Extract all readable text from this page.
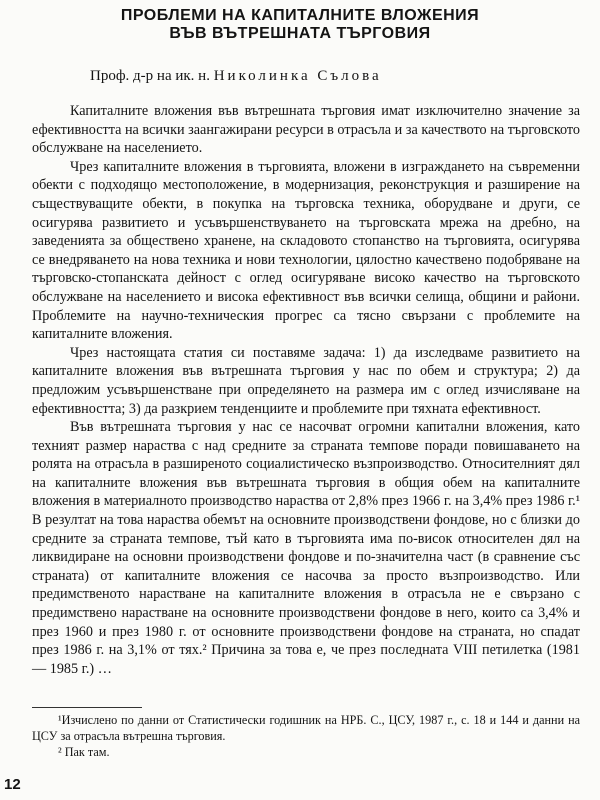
ПРОБЛЕМИ НА КАПИТАЛНИТЕ ВЛОЖЕНИЯ
ВЪВ ВЪТРЕШНАТА ТЪРГОВИЯ

Проф. д-р на ик. н. Николинка Сълова

Капиталните вложения във вътрешната търговия имат изключително значение за ефективността на всички заангажирани ресурси в отрасъла и за качеството на търговското обслужване на населението.

Чрез капиталните вложения в търговията, вложени в изграждането на съвременни обекти с подходящо местоположение, в модернизация, реконструкция и разширение на съществуващите обекти, в покупка на търговска техника, оборудване и други, се осигурява развитието и усъвършенствуването на търговската мрежа на дребно, на заведенията за обществено хранене, на складовото стопанство на търговията, осигурява се внедряването на нова техника и нови технологии, цялостно качествено подобряване на търговско-стопанската дейност с оглед осигуряване високо качество на търговското обслужване на населението и висока ефективност във всички селища, общини и райони. Проблемите на научно-техническия прогрес са тясно свързани с проблемите на капиталните вложения.

Чрез настоящата статия си поставяме задача: 1) да изследваме развитието на капиталните вложения във вътрешната търговия у нас по обем и структура; 2) да предложим усъвършенстване при определянето на размера им с оглед изчисляване на ефективността; 3) да разкрием тенденциите и проблемите при тяхната ефективност.

Във вътрешната търговия у нас се насочват огромни капитални вложения, като техният размер нараства с над средните за страната темпове поради повишаването на ролята на отрасъла в разширеното социалистическо възпроизводство. Относителният дял на капиталните вложения във вътрешната търговия в общия обем на капиталните вложения в материалното производство нараства от 2,8% през 1966 г. на 3,4% през 1986 г.¹ В резултат на това нараства обемът на основните производствени фондове, но с близки до средните за страната темпове, тъй като в търговията има по-висок относителен дял на ликвидиране на основни производствени фондове и по-значителна част (в сравнение със страната) от капиталните вложения се насочва за просто възпроизводство. Или предимственото нарастване на капиталните вложения в отрасъла не е свързано с предимствено нарастване на основните производствени фондове в него, които са 3,4% и през 1960 и през 1980 г. от основните производствени фондове на страната, но спадат през 1986 г. на 3,1% от тях.² Причина за това е, че през последната VIII петилетка (1981 — 1985 г.) …

¹Изчислено по данни от Статистически годишник на НРБ. С., ЦСУ, 1987 г., с. 18 и 144 и данни на ЦСУ за отрасъла вътрешна търговия.

² Пак там.

12
